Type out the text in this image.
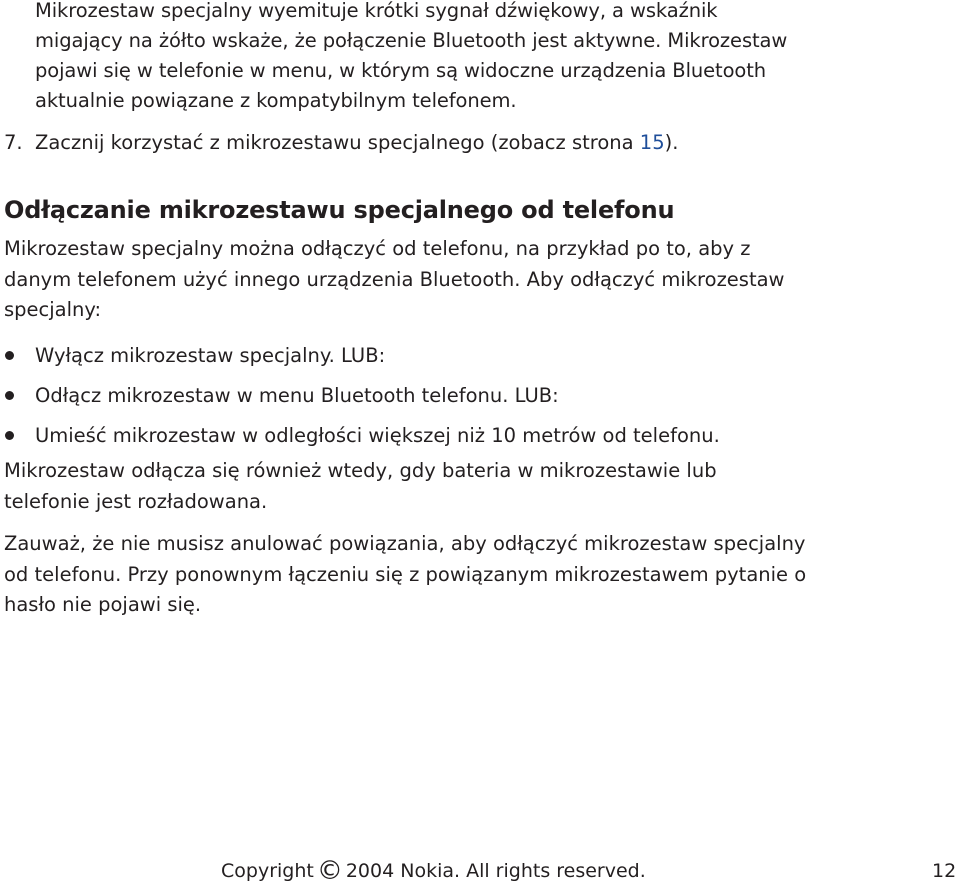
Mikrozestaw specjalny wyemituje krótki sygnał dźwiękowy, a wskaźnik
migający na żółto wskaże, że połączenie Bluetooth jest aktywne. Mikrozestaw
pojawi się w telefonie w menu, w którym są widoczne urządzenia Bluetooth
aktualnie powiązane z kompatybilnym telefonem.
7. Zacznij korzystać z mikrozestawu specjalnego (zobacz strona 15).
Odłączanie mikrozestawu specjalnego od telefonu
Mikrozestaw specjalny można odłączyć od telefonu, na przykład po to, aby z
danym telefonem użyć innego urządzenia Bluetooth. Aby odłączyć mikrozestaw
specjalny:
Wyłącz mikrozestaw specjalny. LUB:
Odłącz mikrozestaw w menu Bluetooth telefonu. LUB:
Umieść mikrozestaw w odległości większej niż 10 metrów od telefonu.
Mikrozestaw odłącza się również wtedy, gdy bateria w mikrozestawie lub
telefonie jest rozładowana.
Zauważ, że nie musisz anulować powiązania, aby odłączyć mikrozestaw specjalny
od telefonu. Przy ponownym łączeniu się z powiązanym mikrozestawem pytanie o
hasło nie pojawi się.
Copyright © 2004 Nokia. All rights reserved.	12
